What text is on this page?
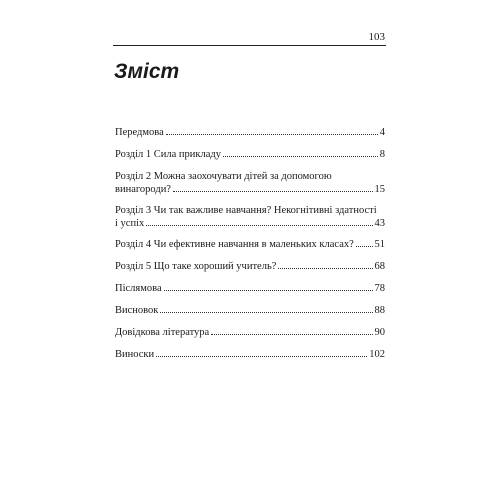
103
Зміст
Передмова	4
Розділ 1 Сила прикладу	8
Розділ 2 Можна заохочувати дітей за допомогою
винагороди?	15
Розділ 3 Чи так важливе навчання? Некогнітивні здатності
і успіх	43
Розділ 4 Чи ефективне навчання в маленьких класах? 51
Розділ 5 Що таке хороший учитель?	68
Післямова	78
Висновок	88
Довідкова література	90
Виноски	102
